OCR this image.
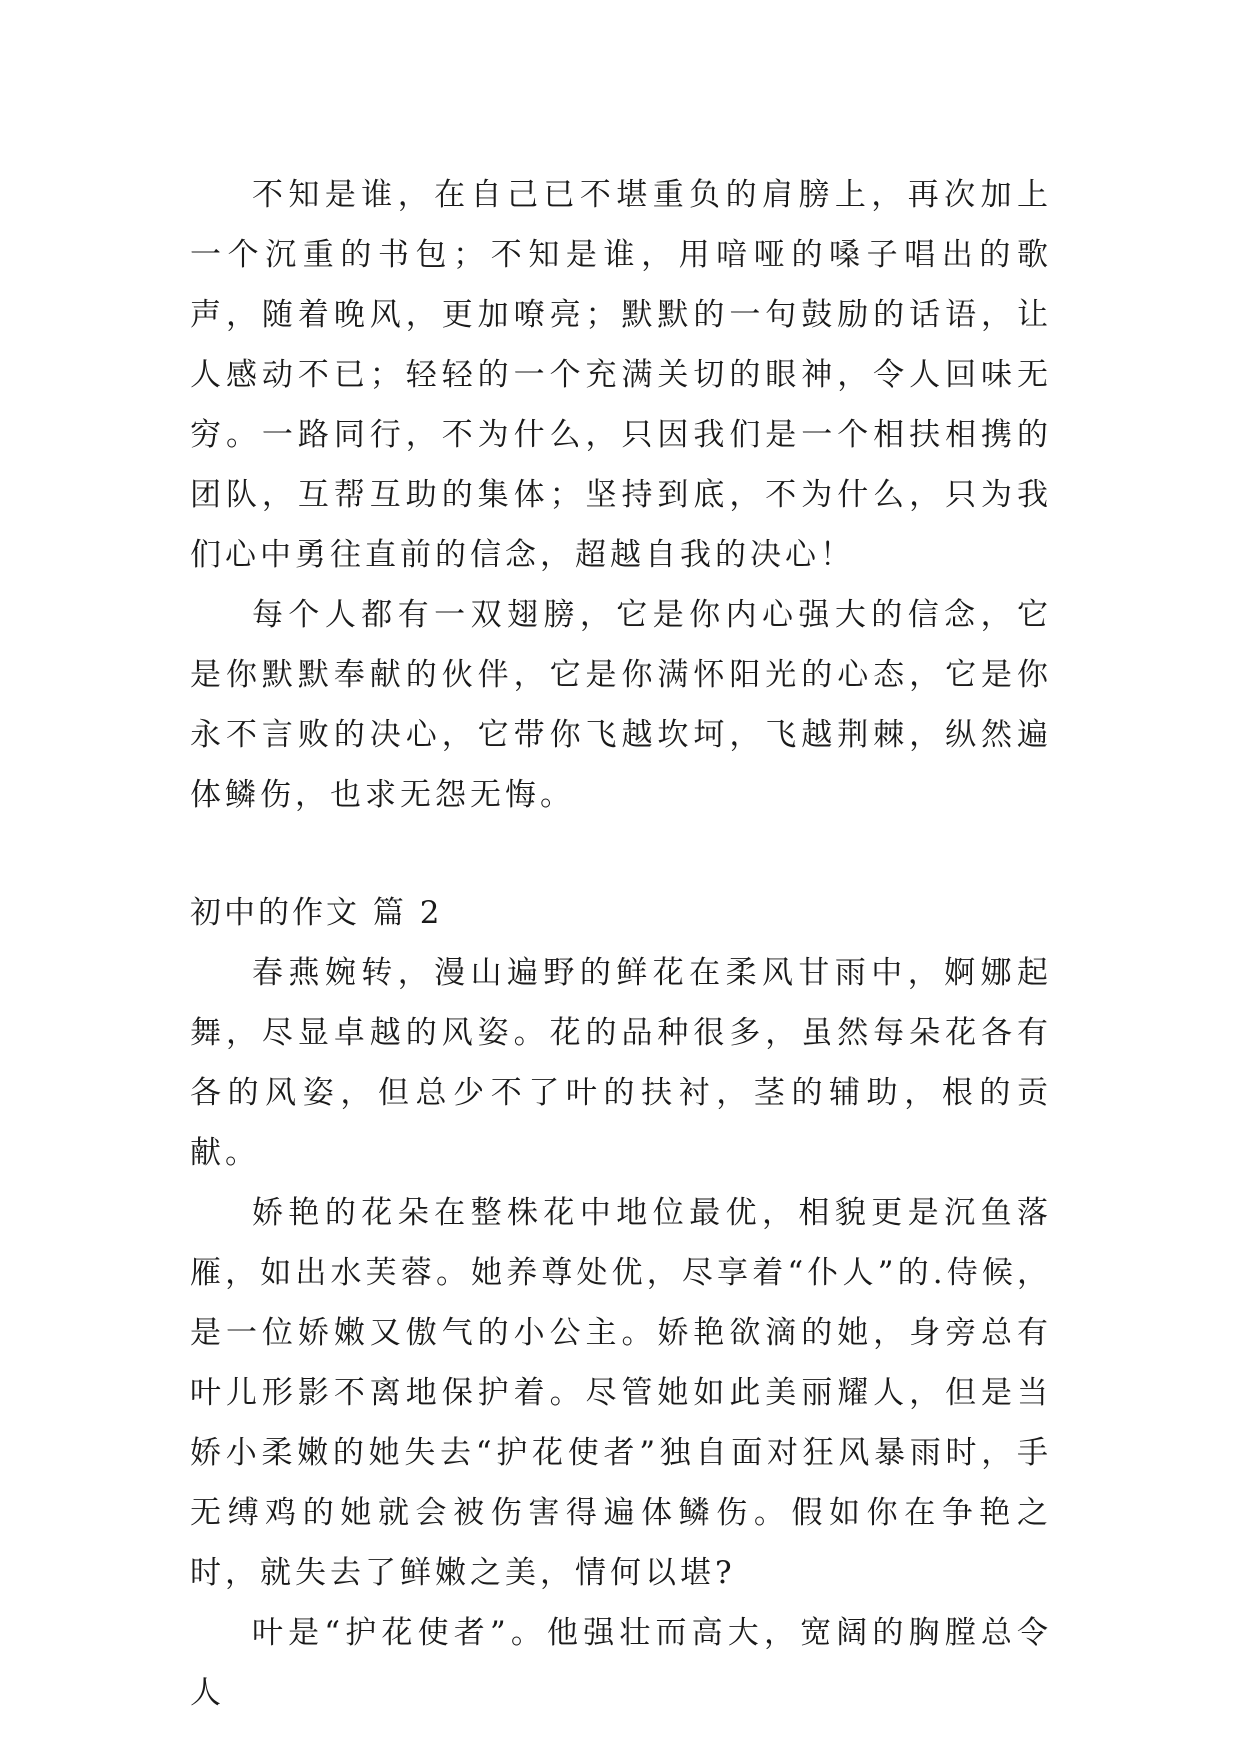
不知是谁，在自己已不堪重负的肩膀上，再次加上一个沉重的书包；不知是谁，用喑哑的嗓子唱出的歌声，随着晚风，更加嘹亮；默默的一句鼓励的话语，让人感动不已；轻轻的一个充满关切的眼神，令人回味无穷。一路同行，不为什么，只因我们是一个相扶相携的团队，互帮互助的集体；坚持到底，不为什么，只为我们心中勇往直前的信念，超越自我的决心！

每个人都有一双翅膀，它是你内心强大的信念，它是你默默奉献的伙伴，它是你满怀阳光的心态，它是你永不言败的决心，它带你飞越坎坷，飞越荆棘，纵然遍体鳞伤，也求无怨无悔。

初中的作文 篇 2

春燕婉转，漫山遍野的鲜花在柔风甘雨中，婀娜起舞，尽显卓越的风姿。花的品种很多，虽然每朵花各有各的风姿，但总少不了叶的扶衬，茎的辅助，根的贡献。

娇艳的花朵在整株花中地位最优，相貌更是沉鱼落雁，如出水芙蓉。她养尊处优，尽享着“仆人”的.侍候，是一位娇嫩又傲气的小公主。娇艳欲滴的她，身旁总有叶儿形影不离地保护着。尽管她如此美丽耀人，但是当娇小柔嫩的她失去“护花使者”独自面对狂风暴雨时，手无缚鸡的她就会被伤害得遍体鳞伤。假如你在争艳之时，就失去了鲜嫩之美，情何以堪?

叶是“护花使者”。他强壮而高大，宽阔的胸膛总令人
